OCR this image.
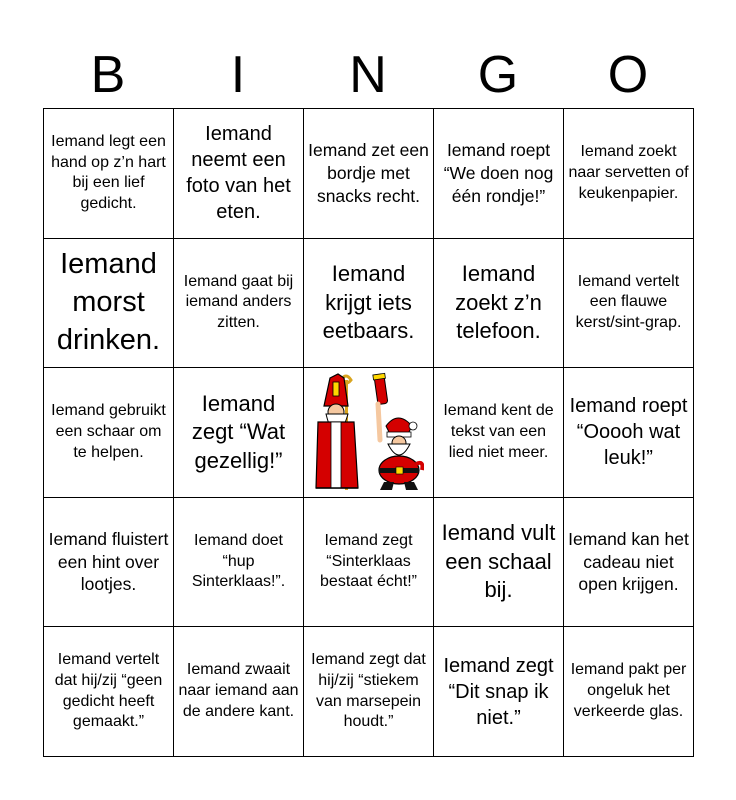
B	I	N	G	O
Iemand legt een hand op z’n hart bij een lief gedicht.	Iemand neemt een foto van het eten.	Iemand zet een bordje met snacks recht.	Iemand roept “We doen nog één rondje!”	Iemand zoekt naar servetten of keukenpapier.

Iemand morst drinken.	Iemand gaat bij iemand anders zitten.	Iemand krijgt iets eetbaars.	Iemand zoekt z’n telefoon.	Iemand vertelt een flauwe kerst/sint-grap.

Iemand gebruikt een schaar om te helpen.	Iemand zegt “Wat gezellig!”		Iemand kent de tekst van een lied niet meer.	Iemand roept “Ooooh wat leuk!”

Iemand fluistert een hint over lootjes.	Iemand doet “hup Sinterklaas!”.	Iemand zegt “Sinterklaas bestaat écht!”	Iemand vult een schaal bij.	Iemand kan het cadeau niet open krijgen.

Iemand vertelt dat hij/zij “geen gedicht heeft gemaakt.”	Iemand zwaait naar iemand aan de andere kant.	Iemand zegt dat hij/zij “stiekem van marsepein houdt.”	Iemand zegt “Dit snap ik niet.”	Iemand pakt per ongeluk het verkeerde glas.
